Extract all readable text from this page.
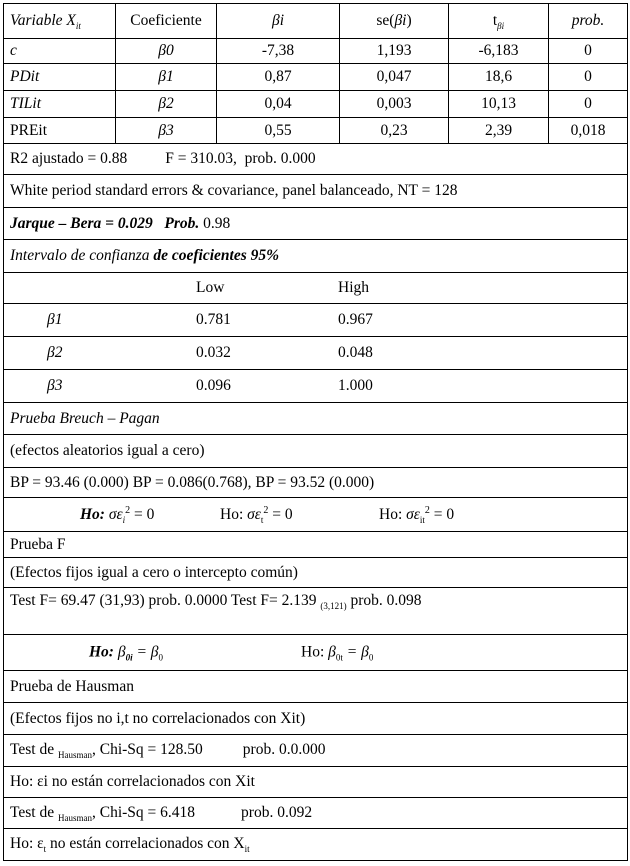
Variable $X_{it}$	Coeficiente	βi	se(βi)	$t_{\beta i}$	prob.
c	β0	-7,38	1,193	-6,183	0
PDit	β1	0,87	0,047	18,6	0
TILit	β2	0,04	0,003	10,13	0
PREit	β3	0,55	0,23	2,39	0,018
R2 ajustado = 0.88 F = 310.03, prob. 0.000					
White period standard errors & covariance, panel balanceado, NT = 128					
Jarque – Bera = 0.029 Prob. 0.98					
Intervalo de confianza de coeficientes 95%					

Low High					

β1 0.781 0.967					

β2 0.032 0.048					

β3 0.096 1.000					

Prueba Breuch – Pagan					
(efectos aleatorios igual a cero)					
BP = 93.46 (0.000) BP = 0.086(0.768), BP = 93.52 (0.000)					

Ho: $\sigma\varepsilon_i^2 = 0$ Ho: $\sigma\varepsilon_t^2 = 0$ Ho: $\sigma\varepsilon_{it}^2 = 0$					

Prueba F					
(Efectos fijos igual a cero o intercepto común)					
Test F= 69.47 (31,93) prob. 0.0000 Test F= 2.139 $_{(3,121)}$ prob. 0.098					

Ho: $\beta_{0i} = \beta_0$ Ho: $\beta_{0t} = \beta_0$

Prueba de Hausman					
(Efectos fijos no i,t no correlacionados con Xit)					
Test de $_{Hausman}$, Chi-Sq = 128.50 prob. 0.0.000					
Ho: εi no están correlacionados con Xit					
Test de $_{Hausman}$, Chi-Sq = 6.418 prob. 0.092					
Ho: $\varepsilon_t$ no están correlacionados con $X_{it}$
